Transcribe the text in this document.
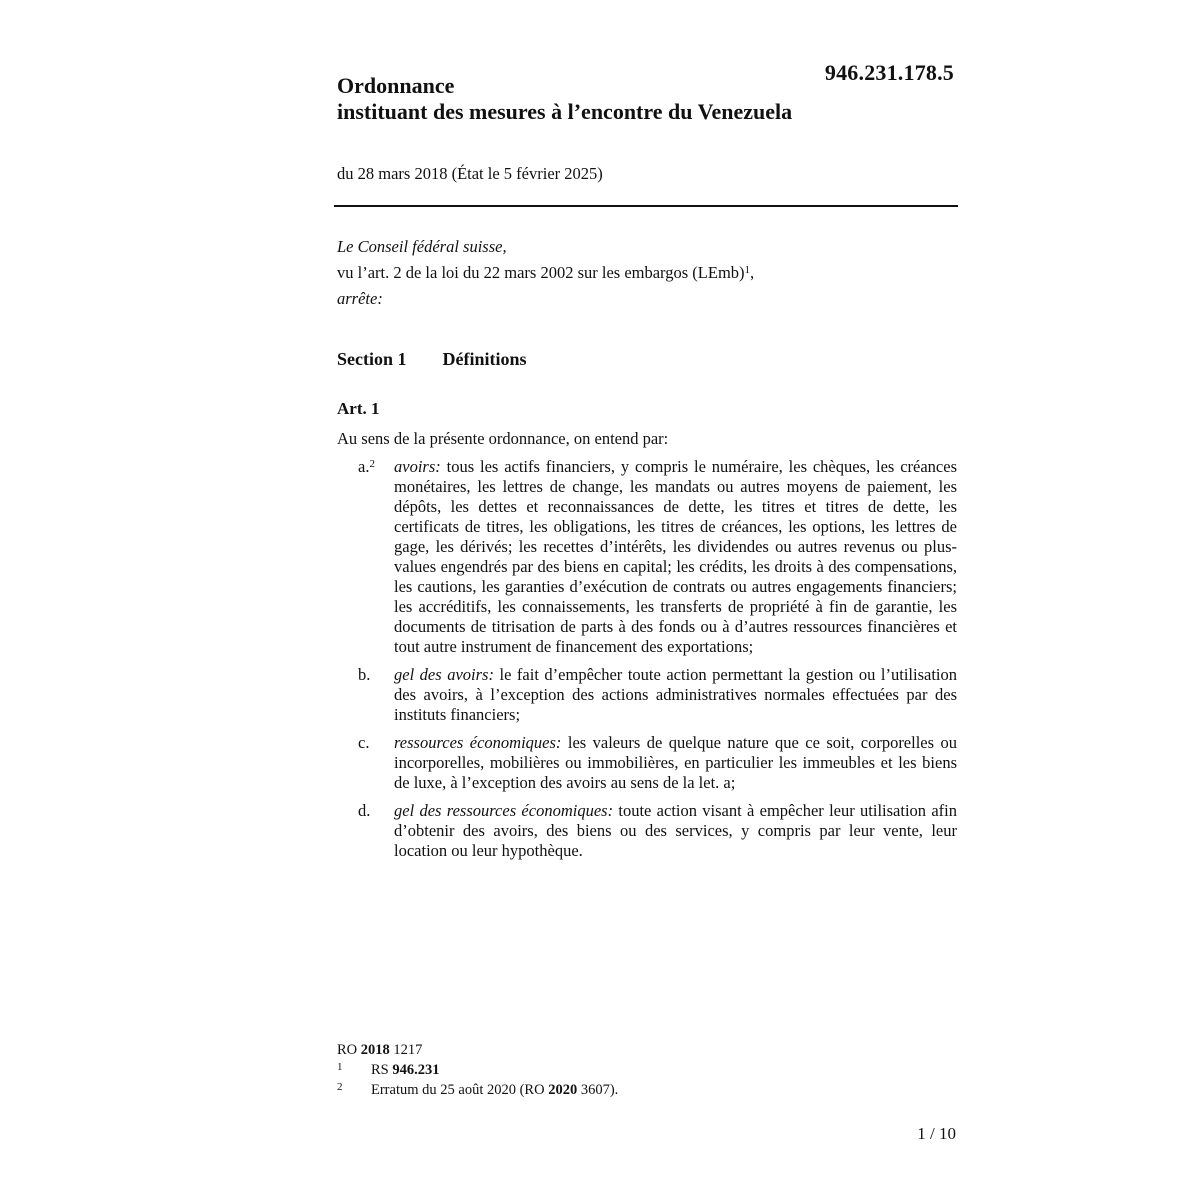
946.231.178.5
Ordonnance
instituant des mesures à l’encontre du Venezuela
du 28 mars 2018 (État le 5 février 2025)
Le Conseil fédéral suisse,
vu l’art. 2 de la loi du 22 mars 2002 sur les embargos (LEmb)$^1$,
arrête:
Section 1 Définitions
Art. 1
Au sens de la présente ordonnance, on entend par:
a.$^2$ avoirs: tous les actifs financiers, y compris le numéraire, les chèques, les créances monétaires, les lettres de change, les mandats ou autres moyens de paiement, les dépôts, les dettes et reconnaissances de dette, les titres et titres de dette, les certificats de titres, les obligations, les titres de créances, les options, les lettres de gage, les dérivés; les recettes d’intérêts, les dividendes ou autres revenus ou plus-values engendrés par des biens en capital; les crédits, les droits à des compensations, les cautions, les garanties d’exécution de contrats ou autres engagements financiers; les accréditifs, les connaissements, les transferts de propriété à fin de garantie, les documents de titrisation de parts à des fonds ou à d’autres ressources financières et tout autre instrument de financement des exportations;
b. gel des avoirs: le fait d’empêcher toute action permettant la gestion ou l’utilisation des avoirs, à l’exception des actions administratives normales effectuées par des instituts financiers;
c. ressources économiques: les valeurs de quelque nature que ce soit, corporelles ou incorporelles, mobilières ou immobilières, en particulier les immeubles et les biens de luxe, à l’exception des avoirs au sens de la let. a;
d. gel des ressources économiques: toute action visant à empêcher leur utilisation afin d’obtenir des avoirs, des biens ou des services, y compris par leur vente, leur location ou leur hypothèque.
RO 2018 1217
1 RS 946.231
2 Erratum du 25 août 2020 (RO 2020 3607).
1 / 10
